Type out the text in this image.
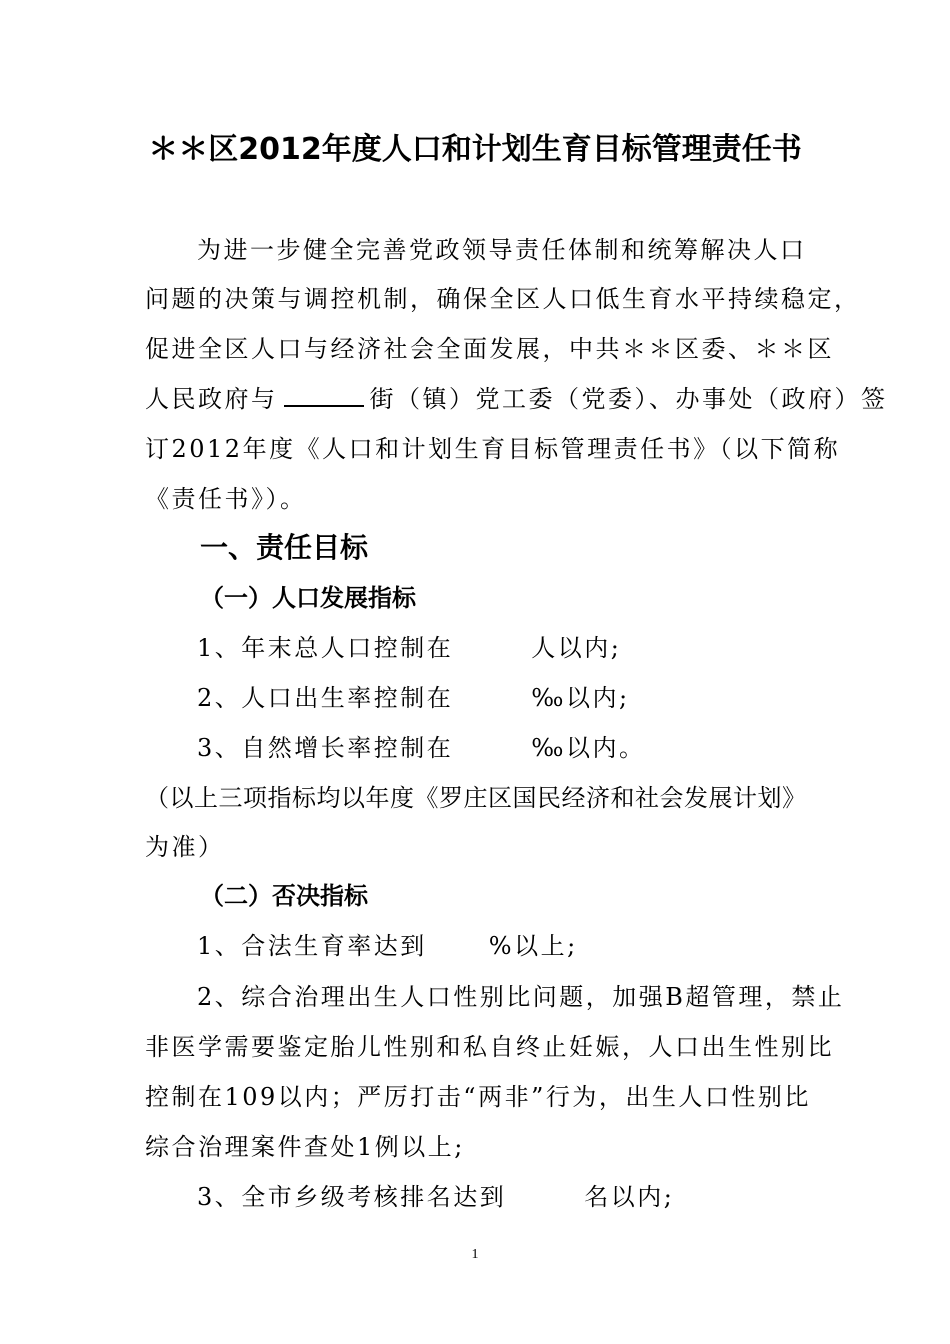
＊＊区2012年度人口和计划生育目标管理责任书
为进一步健全完善党政领导责任体制和统筹解决人口
问题的决策与调控机制，确保全区人口低生育水平持续稳定，
促进全区人口与经济社会全面发展，中共＊＊区委、＊＊区
人民政府与	街（镇）党工委（党委）、办事处（政府）签
订2012年度《人口和计划生育目标管理责任书》（以下简称
《责任书》）。
一、责任目标
（一）人口发展指标
1、年末总人口控制在	人以内;
2、人口出生率控制在	‰以内;
3、自然增长率控制在	‰以内。
（以上三项指标均以年度《罗庄区国民经济和社会发展计划》
为准）
（二）否决指标
1、合法生育率达到	%以上;
2、综合治理出生人口性别比问题，加强B超管理，禁止
非医学需要鉴定胎儿性别和私自终止妊娠，人口出生性别比
控制在109以内；严厉打击“两非”行为，出生人口性别比
综合治理案件查处1例以上;
3、全市乡级考核排名达到	名以内;
1
